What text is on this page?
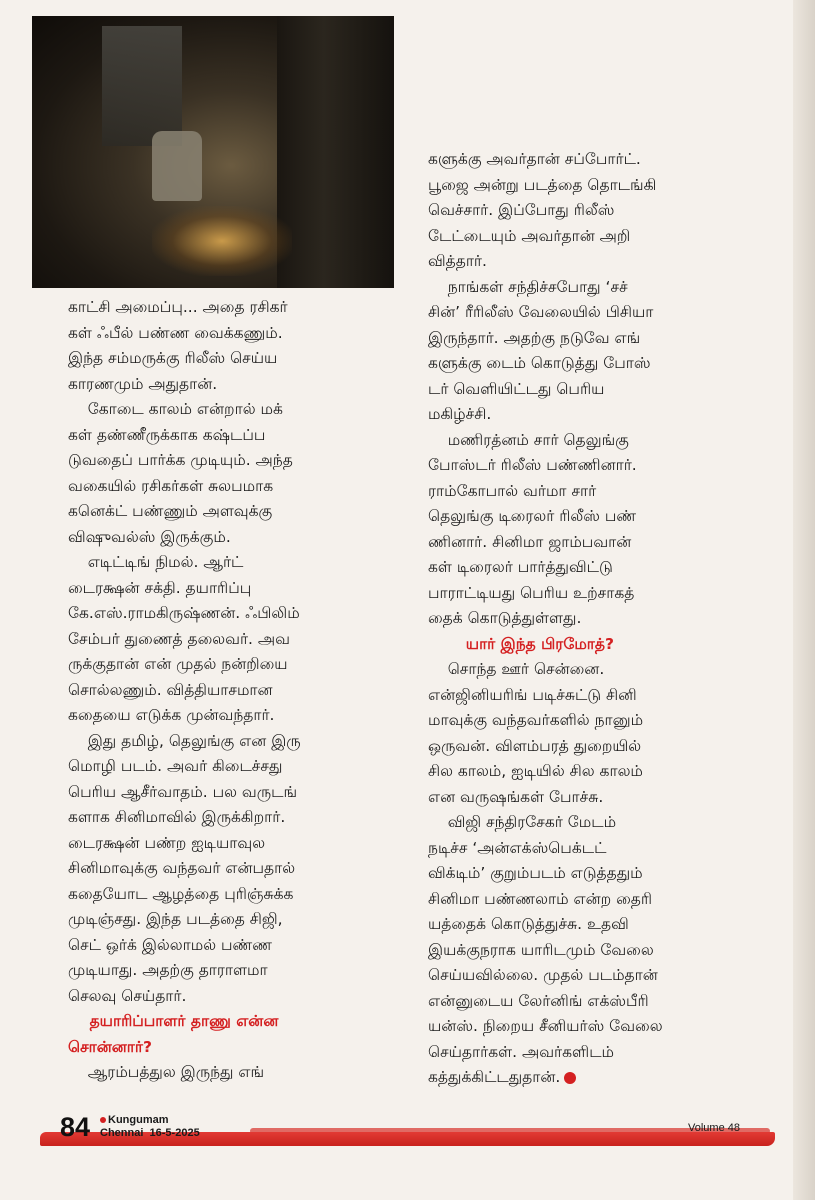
காட்சி அமைப்பு... அதை ரசிகர்

கள் ஃபீல் பண்ண வைக்கணும்.

இந்த சம்மருக்கு ரிலீஸ் செய்ய

காரணமும் அதுதான்.

கோடை காலம் என்றால் மக்

கள் தண்ணீருக்காக கஷ்டப்ப

டுவதைப் பார்க்க முடியும். அந்த

வகையில் ரசிகர்கள் சுலபமாக

கனெக்ட் பண்ணும் அளவுக்கு

விஷுவல்ஸ் இருக்கும்.

எடிட்டிங் நிமல். ஆர்ட்

டைரக்ஷன் சக்தி. தயாரிப்பு

கே.எஸ்.ராமகிருஷ்ணன். ஃபிலிம்

சேம்பர் துணைத் தலைவர். அவ

ருக்குதான் என் முதல் நன்றியை

சொல்லணும். வித்தியாசமான

கதையை எடுக்க முன்வந்தார்.

இது தமிழ், தெலுங்கு என இரு

மொழி படம். அவர் கிடைச்சது

பெரிய ஆசீர்வாதம். பல வருடங்

களாக சினிமாவில் இருக்கிறார்.

டைரக்ஷன் பண்ற ஐடியாவுல

சினிமாவுக்கு வந்தவர் என்பதால்

கதையோட ஆழத்தை புரிஞ்சுக்க

முடிஞ்சது. இந்த படத்தை சிஜி,

செட் ஒர்க் இல்லாமல் பண்ண

முடியாது. அதற்கு தாராளமா

செலவு செய்தார்.

தயாரிப்பாளர் தாணு என்ன

சொன்னார்?

ஆரம்பத்துல இருந்து எங்

களுக்கு அவர்தான் சப்போர்ட்.

பூஜை அன்று படத்தை தொடங்கி

வெச்சார். இப்போது ரிலீஸ்

டேட்டையும் அவர்தான் அறி

வித்தார்.

நாங்கள் சந்திச்சபோது ‘சச்

சின்’ ரீரிலீஸ் வேலையில் பிசியா

இருந்தார். அதற்கு நடுவே எங்

களுக்கு டைம் கொடுத்து போஸ்

டர் வெளியிட்டது பெரிய

மகிழ்ச்சி.

மணிரத்னம் சார் தெலுங்கு

போஸ்டர் ரிலீஸ் பண்ணினார்.

ராம்கோபால் வர்மா சார்

தெலுங்கு டிரைலர் ரிலீஸ் பண்

ணினார். சினிமா ஜாம்பவான்

கள் டிரைலர் பார்த்துவிட்டு

பாராட்டியது பெரிய உற்சாகத்

தைக் கொடுத்துள்ளது.

யார் இந்த பிரமோத்?

சொந்த ஊர் சென்னை.

என்ஜினியரிங் படிச்சுட்டு சினி

மாவுக்கு வந்தவர்களில் நானும்

ஒருவன். விளம்பரத் துறையில்

சில காலம், ஐடியில் சில காலம்

என வருஷங்கள் போச்சு.

விஜி சந்திரசேகர் மேடம்

நடிச்ச ‘அன்எக்ஸ்பெக்டட்

விக்டிம்’ குறும்படம் எடுத்ததும்

சினிமா பண்ணலாம் என்ற தைரி

யத்தைக் கொடுத்துச்சு. உதவி

இயக்குநராக யாரிடமும் வேலை

செய்யவில்லை. முதல் படம்தான்

என்னுடைய லேர்னிங் எக்ஸ்பீரி

யன்ஸ். நிறைய சீனியர்ஸ் வேலை

செய்தார்கள். அவர்களிடம்

கத்துக்கிட்டதுதான்.

84	Kungumam
Chennai 16-5-2025	Volume 48
